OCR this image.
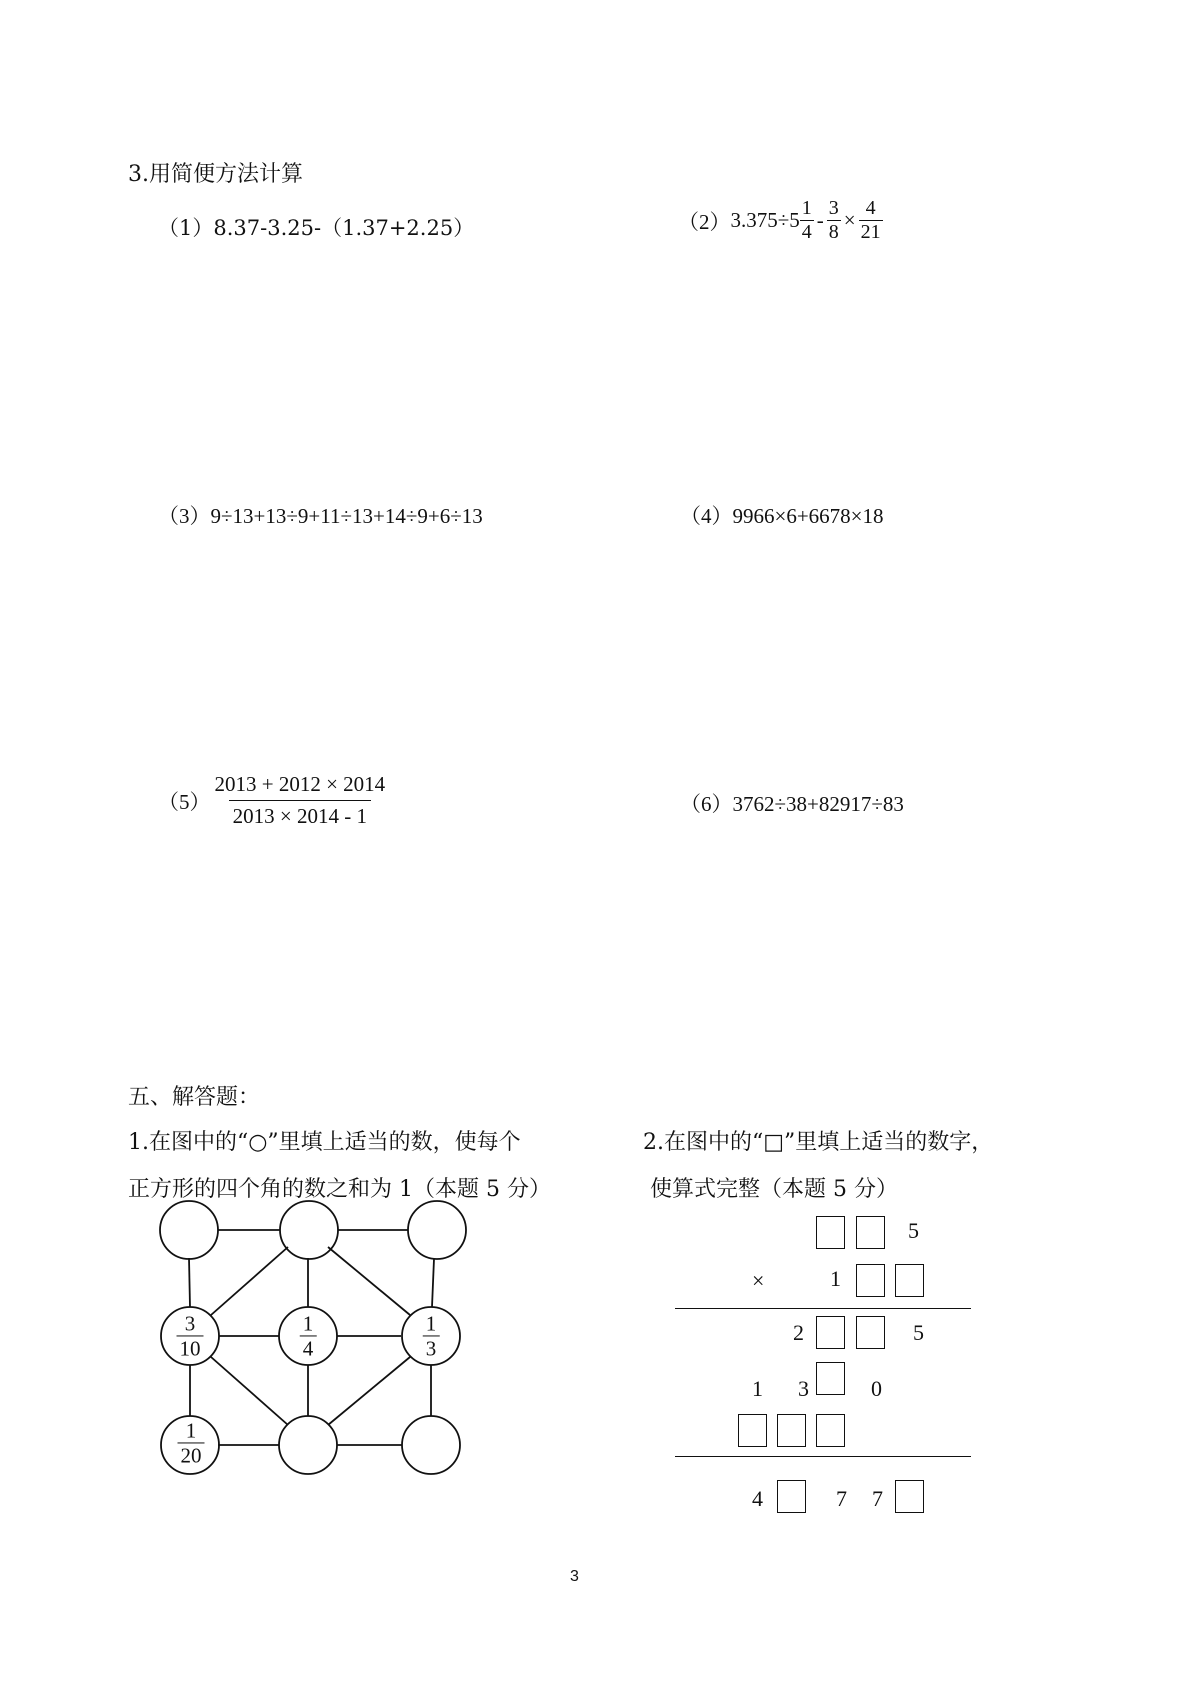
3.用简便方法计算
（1）8.37-3.25-（1.37+2.25）	（2） $3.375\div 5 \frac{1}{4} - \frac{3}{8} \times \frac{4}{21}$
（3）9÷13+13÷9+11÷13+14÷9+6÷13	（4）9966×6+6678×18
$(5) \frac{2013 + 2012 \times 2014}{2013 \times 2014 - 1}$	（6）3762÷38+82917÷83
五、解答题：
1.在图中的“○”里填上适当的数，使每个
正方形的四个角的数之和为 1（本题 5 分）
2.在图中的“□”里填上适当的数字，
使算式完整（本题 5 分）
$\frac{3}{10}$	$\frac{1}{4}$	$\frac{1}{3}$
$\frac{1}{20}$
5
×	1
2	5
1 3	0
4	7 7
3
